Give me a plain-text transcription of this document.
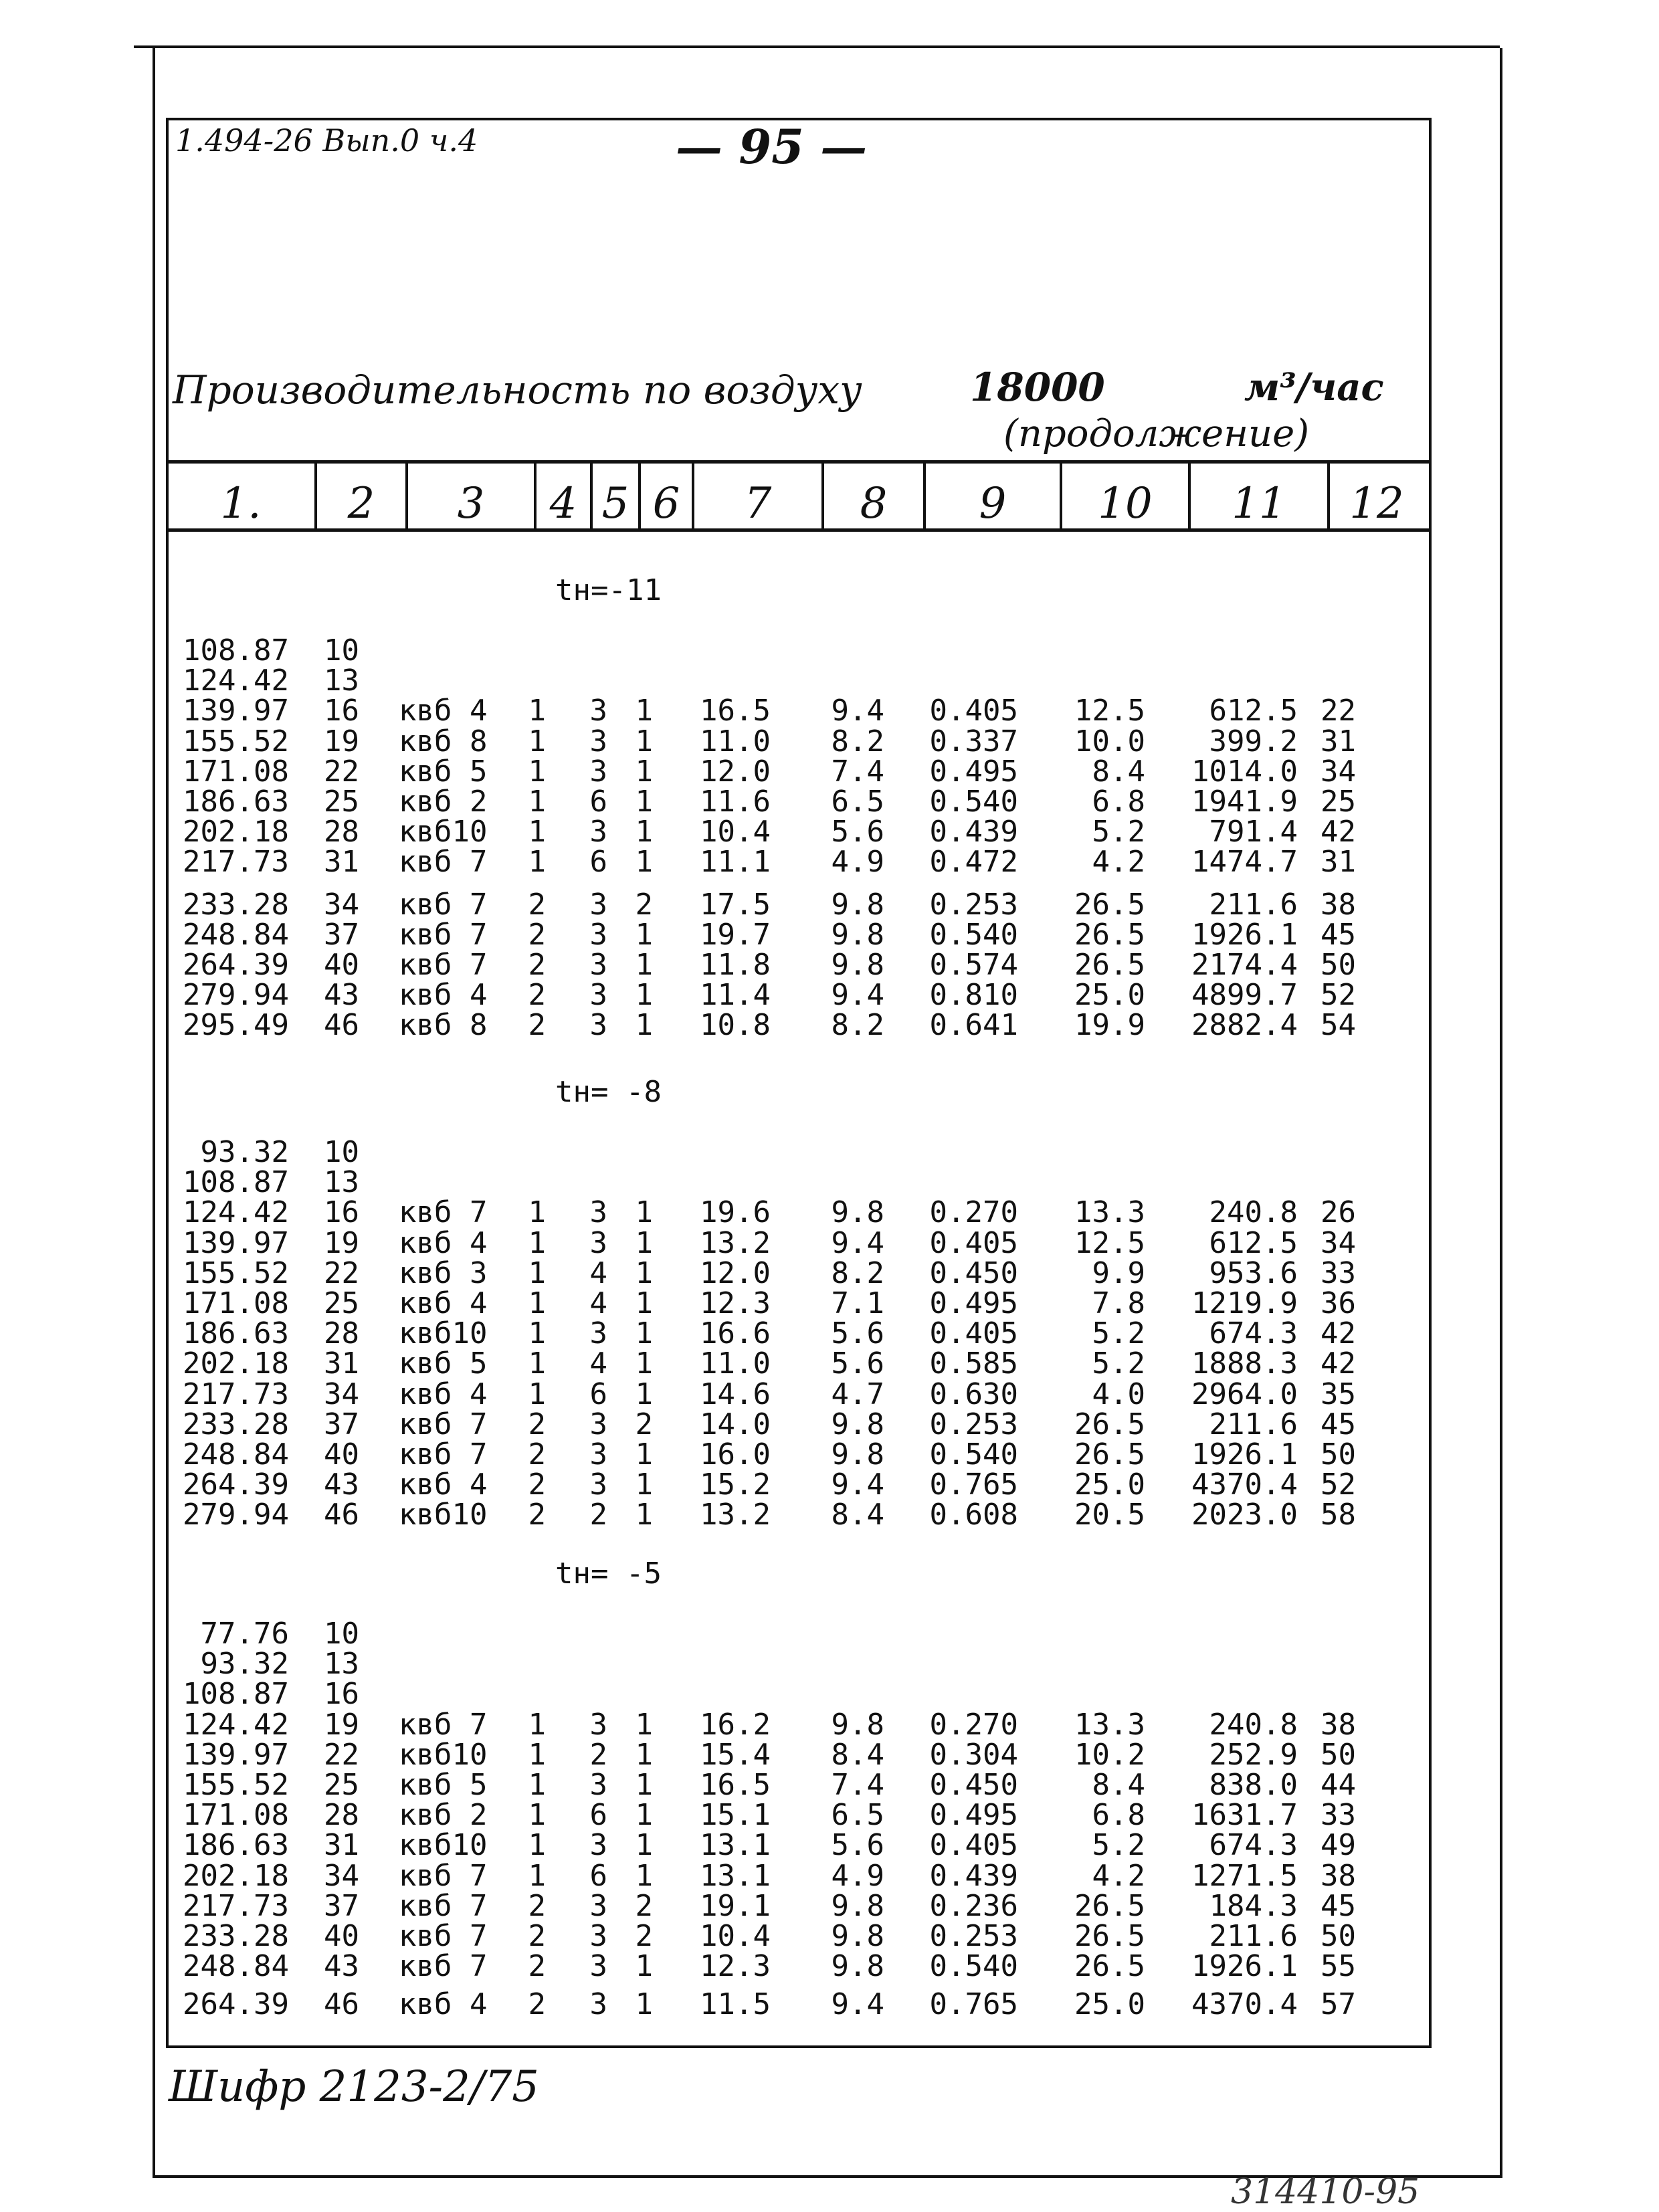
1.494-26 Вып.0 ч.4	— 95 —
Производительность по воздуху	18000	м³/час
(продолжение)
1.	2	3	4 5 6	7	8	9	10	11	12
tн=-11
108.87 10
124.42 13
139.97 16	квб 4	1	3 1	16.5 9.4	0.405	12.5	612.5 22
155.52 19	квб 8	1	3 1	11.0 8.2	0.337	10.0	399.2 31
171.08 22	квб 5	1	3 1	12.0 7.4	0.495	8.4	1014.0 34
186.63 25	квб 2	1	6 1	11.6 6.5	0.540	6.8	1941.9 25
202.18 28	квб10	1	3 1	10.4 5.6	0.439	5.2	791.4 42
217.73 31	квб 7	1	6 1	11.1 4.9	0.472	4.2	1474.7 31
233.28 34	квб 7	2	3 2	17.5 9.8	0.253	26.5	211.6 38
248.84 37	квб 7	2	3 1	19.7 9.8	0.540	26.5	1926.1 45
264.39 40	квб 7	2	3 1	11.8 9.8	0.574	26.5	2174.4 50
279.94 43	квб 4	2	3 1	11.4 9.4	0.810	25.0	4899.7 52
295.49 46	квб 8	2	3 1	10.8 8.2	0.641	19.9	2882.4 54
tн= -8
93.32 10
108.87 13
124.42 16	квб 7	1	3 1	19.6 9.8	0.270	13.3	240.8 26
139.97 19	квб 4	1	3 1	13.2 9.4	0.405	12.5	612.5 34
155.52 22	квб 3	1	4 1	12.0 8.2	0.450	9.9	953.6 33
171.08 25	квб 4	1	4 1	12.3 7.1	0.495	7.8	1219.9 36
186.63 28	квб10	1	3 1	16.6 5.6	0.405	5.2	674.3 42
202.18 31	квб 5	1	4 1	11.0 5.6	0.585	5.2	1888.3 42
217.73 34	квб 4	1	6 1	14.6 4.7	0.630	4.0	2964.0 35
233.28 37	квб 7	2	3 2	14.0 9.8	0.253	26.5	211.6 45
248.84 40	квб 7	2	3 1	16.0 9.8	0.540	26.5	1926.1 50
264.39 43	квб 4	2	3 1	15.2 9.4	0.765	25.0	4370.4 52
279.94 46	квб10	2	2 1	13.2 8.4	0.608	20.5	2023.0 58
tн= -5
77.76 10
93.32 13
108.87 16
124.42 19	квб 7	1	3 1	16.2 9.8	0.270	13.3	240.8 38
139.97 22	квб10	1	2 1	15.4 8.4	0.304	10.2	252.9 50
155.52 25	квб 5	1	3 1	16.5 7.4	0.450	8.4	838.0 44
171.08 28	квб 2	1	6 1	15.1 6.5	0.495	6.8	1631.7 33
186.63 31	квб10	1	3 1	13.1 5.6	0.405	5.2	674.3 49
202.18 34	квб 7	1	6 1	13.1 4.9	0.439	4.2	1271.5 38
217.73 37	квб 7	2	3 2	19.1 9.8	0.236	26.5	184.3 45
233.28 40	квб 7	2	3 2	10.4 9.8	0.253	26.5	211.6 50
248.84 43	квб 7	2	3 1	12.3 9.8	0.540	26.5	1926.1 55
264.39 46	квб 4	2	3 1	11.5 9.4	0.765	25.0	4370.4 57
Шифр 2123-2/75
314410-95
